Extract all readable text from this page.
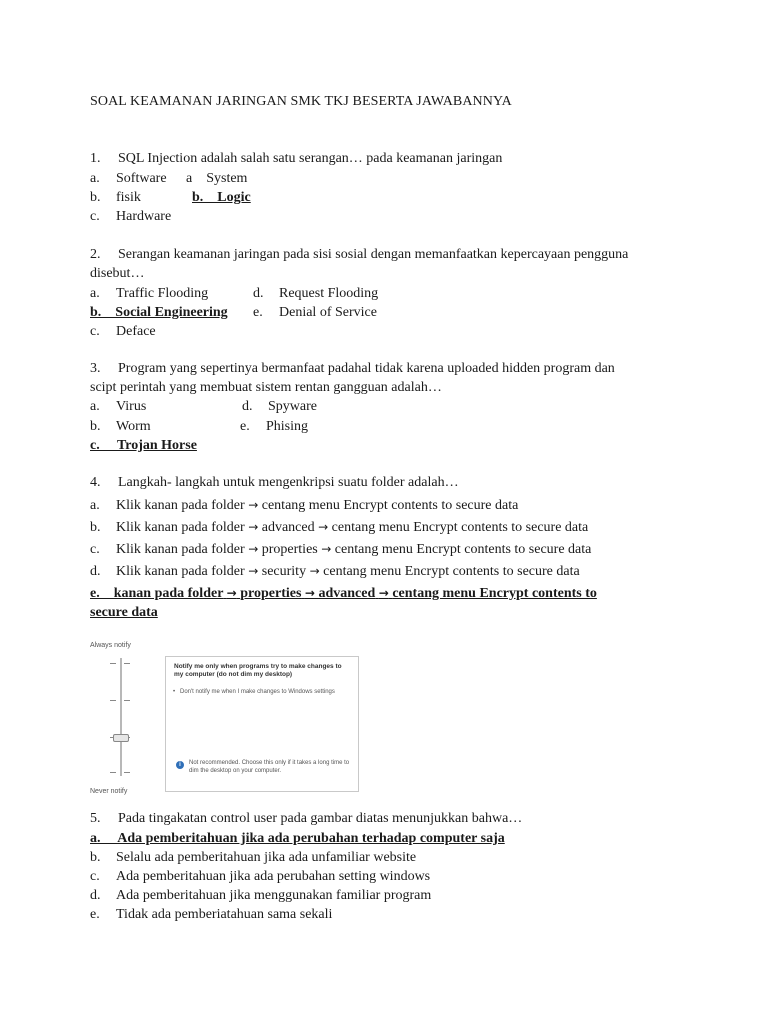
SOAL KEAMANAN JARINGAN SMK TKJ BESERTA JAWABANNYA
1.     SQL Injection adalah salah satu serangan… pada keamanan jaringan
a. Software a System
b. fisik	b.    Logic
c. Hardware
2.     Serangan keamanan jaringan pada sisi sosial dengan memanfaatkan kepercayaan pengguna
disebut…
a. Traffic Flooding	d. Request Flooding
b.    Social Engineering e. Denial of Service
c. Deface
3.     Program yang sepertinya bermanfaat padahal tidak karena uploaded hidden program dan
scipt perintah yang membuat sistem rentan gangguan adalah…
a. Virus	d. Spyware
b. Worm	e. Phising
c.     Trojan Horse
4.     Langkah- langkah untuk mengenkripsi suatu folder adalah…
a. Klik kanan pada folder → centang menu Encrypt contents to secure data
b. Klik kanan pada folder → advanced → centang menu Encrypt contents to secure data
c. Klik kanan pada folder → properties → centang menu Encrypt contents to secure data
d. Klik kanan pada folder → security → centang menu Encrypt contents to secure data
e.    kanan pada folder → properties → advanced → centang menu Encrypt contents to
secure data
Always notify
Never notify
Notify me only when programs try to make changes to my computer (do not dim my desktop)
• Don't notify me when I make changes to Windows settings
i	Not recommended. Choose this only if it takes a long time to dim the desktop on your computer.
5.     Pada tingakatan control user pada gambar diatas menunjukkan bahwa…
a.     Ada pemberitahuan jika ada perubahan terhadap computer saja
b. Selalu ada pemberitahuan jika ada unfamiliar website
c. Ada pemberitahuan jika ada perubahan setting windows
d. Ada pemberitahuan jika menggunakan familiar program
e. Tidak ada pemberiatahuan sama sekali
